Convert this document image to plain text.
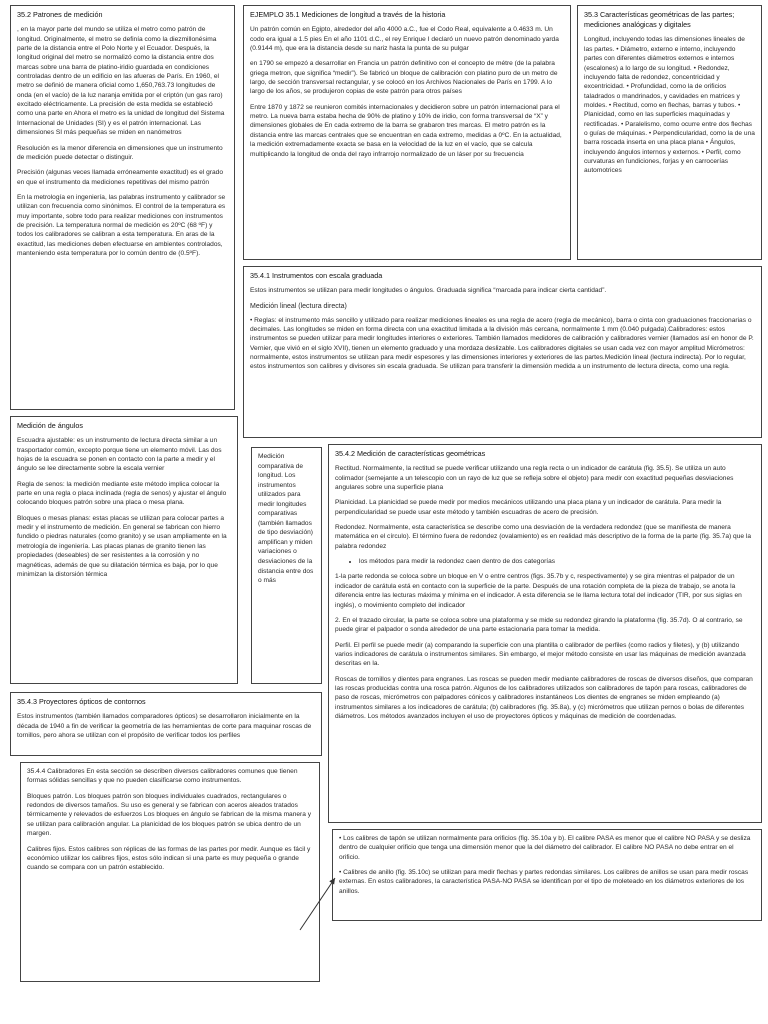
35.2 Patrones de medición

, en la mayor parte del mundo se utiliza el metro como patrón de longitud. Originalmente, el metro se definía como la diezmillonésima parte de la distancia entre el Polo Norte y el Ecuador. Después, la longitud original del metro se normalizó como la distancia entre dos marcas sobre una barra de platino-iridio guardada en condiciones controladas dentro de un edificio en las afueras de París. En 1960, el metro se definió de manera oficial como 1,650,763.73 longitudes de onda (en el vacío) de la luz naranja emitida por el criptón (un gas raro) excitado eléctricamente. La precisión de esta medida se estableció como una parte en Ahora el metro es la unidad de longitud del Sistema Internacional de Unidades (SI) y es el patrón internacional. Las dimensiones SI más pequeñas se miden en nanómetros

Resolución es la menor diferencia en dimensiones que un instrumento de medición puede detectar o distinguir.

Precisión (algunas veces llamada erróneamente exactitud) es el grado en que el instrumento da mediciones repetitivas del mismo patrón

En la metrología en ingeniería, las palabras instrumento y calibrador se utilizan con frecuencia como sinónimos. El control de la temperatura es muy importante, sobre todo para realizar mediciones con instrumentos de precisión. La temperatura normal de medición es 20ºC (68 ºF) y todos los calibradores se calibran a esta temperatura. En aras de la exactitud, las mediciones deben efectuarse en ambientes controlados, manteniendo esta temperatura por lo común dentro de (0.5ºF).

EJEMPLO 35.1 Mediciones de longitud a través de la historia

Un patrón común en Egipto, alrededor del año 4000 a.C., fue el Codo Real, equivalente a 0.4633 m. Un codo era igual a 1.5 pies En el año 1101 d.C., el rey Enrique I declaró un nuevo patrón denominado yarda (0.9144 m), que era la distancia desde su nariz hasta la punta de su pulgar

en 1790 se empezó a desarrollar en Francia un patrón definitivo con el concepto de métre (de la palabra griega metron, que significa “medir”). Se fabricó un bloque de calibración con platino puro de un metro de largo, de sección transversal rectangular, y se colocó en los Archivos Nacionales de París en 1799. A lo largo de los años, se produjeron copias de este patrón para otros países

Entre 1870 y 1872 se reunieron comités internacionales y decidieron sobre un patrón internacional para el metro. La nueva barra estaba hecha de 90% de platino y 10% de iridio, con forma transversal de “X” y dimensiones globales de En cada extremo de la barra se grabaron tres marcas. El metro patrón es la distancia entre las marcas centrales que se encuentran en cada extremo, medidas a 0ºC. En la actualidad, la medición extremadamente exacta se basa en la velocidad de la luz en el vacío, que se calcula multiplicando la longitud de onda del rayo infrarrojo normalizado de un láser por su frecuencia

35.3 Características geométricas de las partes; mediciones analógicas y digitales

Longitud, incluyendo todas las dimensiones lineales de las partes. • Diámetro, externo e interno, incluyendo partes con diferentes diámetros externos e internos (escalones) a lo largo de su longitud. • Redondez, incluyendo falta de redondez, concentricidad y excentricidad. • Profundidad, como la de orificios taladrados o mandrinados, y cavidades en matrices y moldes. • Rectitud, como en flechas, barras y tubos. • Planicidad, como en las superficies maquinadas y rectificadas. • Paralelismo, como ocurre entre dos flechas o guías de máquinas. • Perpendicularidad, como la de una barra roscada inserta en una placa plana • Ángulos, incluyendo ángulos internos y externos. • Perfil, como curvaturas en fundiciones, forjas y en carrocerías automotrices

35.4.1 Instrumentos con escala graduada

Estos instrumentos se utilizan para medir longitudes o ángulos. Graduada significa “marcada para indicar cierta cantidad”.

Medición lineal (lectura directa)

• Reglas: el instrumento más sencillo y utilizado para realizar mediciones lineales es una regla de acero (regla de mecánico), barra o cinta con graduaciones fraccionarias o decimales. Las longitudes se miden en forma directa con una exactitud limitada a la división más cercana, normalmente 1 mm (0.040 pulgada).Calibradores: estos instrumentos se pueden utilizar para medir longitudes interiores o exteriores. También llamados medidores de calibración y calibradores vernier (llamados así en honor de P. Vernier, que vivió en el siglo XVII), tienen un elemento graduado y una mordaza deslizable. Los calibradores digitales se usan cada vez con mayor amplitud Micrómetros: normalmente, estos instrumentos se utilizan para medir espesores y las dimensiones interiores y exteriores de las partes.Medición lineal (lectura indirecta). Por lo regular, estos instrumentos son calibres y divisores sin escala graduada. Se utilizan para transferir la dimensión medida a un instrumento de lectura directa, como una regla.

Medición de ángulos

Escuadra ajustable: es un instrumento de lectura directa similar a un trasportador común, excepto porque tiene un elemento móvil. Las dos hojas de la escuadra se ponen en contacto con la parte a medir y el ángulo se lee directamente sobre la escala vernier

Regla de senos: la medición mediante este método implica colocar la parte en una regla o placa inclinada (regla de senos) y ajustar el ángulo colocando bloques patrón sobre una placa o mesa plana.

Bloques o mesas planas: estas placas se utilizan para colocar partes a medir y el instrumento de medición. En general se fabrican con hierro fundido o piedras naturales (como granito) y se usan ampliamente en la metrología de ingeniería. Las placas planas de granito tienen las propiedades (deseables) de ser resistentes a la corrosión y no magnéticas, además de que su dilatación térmica es baja, por lo que minimizan la distorsión térmica

Medición comparativa de longitud. Los instrumentos utilizados para medir longitudes comparativas (también llamados de tipo desviación) amplifican y miden variaciones o desviaciones de la distancia entre dos o más

35.4.2 Medición de características geométricas

Rectitud. Normalmente, la rectitud se puede verificar utilizando una regla recta o un indicador de carátula (fig. 35.5). Se utiliza un auto colimador (semejante a un telescopio con un rayo de luz que se refleja sobre el objeto) para medir con exactitud pequeñas desviaciones angulares sobre una superficie plana

Planicidad. La planicidad se puede medir por medios mecánicos utilizando una placa plana y un indicador de carátula. Para medir la perpendicularidad se puede usar este método y también escuadras de acero de precisión.

Redondez. Normalmente, esta característica se describe como una desviación de la verdadera redondez (que se manifiesta de manera matemática en el círculo). El término fuera de redondez (ovalamiento) es en realidad más descriptivo de la forma de la parte (fig. 35.7a) que la palabra redondez

• los métodos para medir la redondez caen dentro de dos categorías

1-la parte redonda se coloca sobre un bloque en V o entre centros (figs. 35.7b y c, respectivamente) y se gira mientras el palpador de un indicador de carátula está en contacto con la superficie de la parte. Después de una rotación completa de la pieza de trabajo, se anota la diferencia entre las lecturas máxima y mínima en el indicador. A esta diferencia se le llama lectura total del indicador (TIR, por sus siglas en inglés), o movimiento completo del indicador

2. En el trazado circular, la parte se coloca sobre una plataforma y se mide su redondez girando la plataforma (fig. 35.7d). O al contrario, se puede girar el palpador o sonda alrededor de una parte estacionaria para tomar la medida.

Perfil. El perfil se puede medir (a) comparando la superficie con una plantilla o calibrador de perfiles (como radios y filetes), y (b) utilizando varios indicadores de carátula o instrumentos similares. Sin embargo, el mejor método consiste en usar las máquinas de medición avanzada descritas en la.

Roscas de tornillos y dientes para engranes. Las roscas se pueden medir mediante calibradores de roscas de diversos diseños, que comparan las roscas producidas contra una rosca patrón. Algunos de los calibradores utilizados son calibradores de tapón para roscas, calibradores de paso de roscas, micrómetros con palpadores cónicos y calibradores instantáneos Los dientes de engranes se miden empleando (a) instrumentos similares a los indicadores de carátula; (b) calibradores (fig. 35.8a), y (c) micrómetros que utilizan pernos o bolas de diferentes diámetros. Los métodos avanzados incluyen el uso de proyectores ópticos y máquinas de medición de coordenadas.

35.4.3 Proyectores ópticos de contornos

Estos instrumentos (también llamados comparadores ópticos) se desarrollaron inicialmente en la década de 1940 a fin de verificar la geometría de las herramientas de corte para maquinar roscas de tornillos, pero ahora se utilizan con el propósito de verificar todos los perfiles

35.4.4 Calibradores En esta sección se describen diversos calibradores comunes que tienen formas sólidas sencillas y que no pueden clasificarse como instrumentos.

Bloques patrón. Los bloques patrón son bloques individuales cuadrados, rectangulares o redondos de diversos tamaños. Su uso es general y se fabrican con aceros aleados tratados térmicamente y relevados de esfuerzos Los bloques en ángulo se fabrican de la misma manera y se utilizan para calibración angular. La planicidad de los bloques patrón se ubica dentro de un margen.

Calibres fijos. Estos calibres son réplicas de las formas de las partes por medir. Aunque es fácil y económico utilizar los calibres fijos, estos sólo indican si una parte es muy pequeña o grande cuando se compara con un patrón establecido.

• Los calibres de tapón se utilizan normalmente para orificios (fig. 35.10a y b). El calibre PASA es menor que el calibre NO PASA y se desliza dentro de cualquier orificio que tenga una dimensión menor que la del diámetro del calibrador. El calibre NO PASA no debe entrar en el orificio.

• Calibres de anillo (fig. 35.10c) se utilizan para medir flechas y partes redondas similares. Los calibres de anillos se usan para medir roscas externas. En estos calibradores, la característica PASA-NO PASA se identifican por el tipo de moleteado en los diámetros exteriores de los anillos.
